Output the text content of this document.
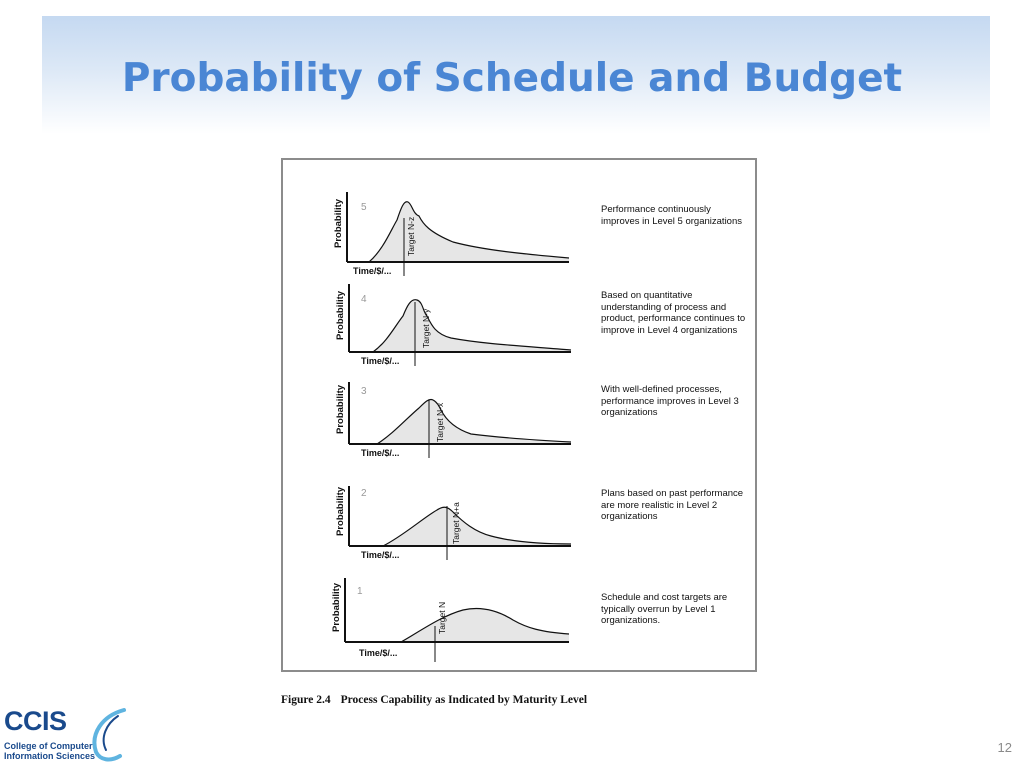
Probability of Schedule and Budget
Probability
Time/$/...
Target N-z
5	Performance continuously improves in Level 5 organizations
Probability
Time/$/...
Target N-y
4	Based on quantitative understanding of process and product, performance continues to improve in Level 4 organizations
Probability
Time/$/...
Target N-x
3	With well-defined processes, performance improves in Level 3 organizations
Probability
Time/$/...
Target N+a
2	Plans based on past performance are more realistic in Level 2 organizations
Probability
Time/$/...
Target N
1
Schedule and cost targets are typically overrun by Level 1 organizations.
Figure 2.4 Process Capability as Indicated by Maturity Level
CCIS
College of Computer
Information Sciences
12
